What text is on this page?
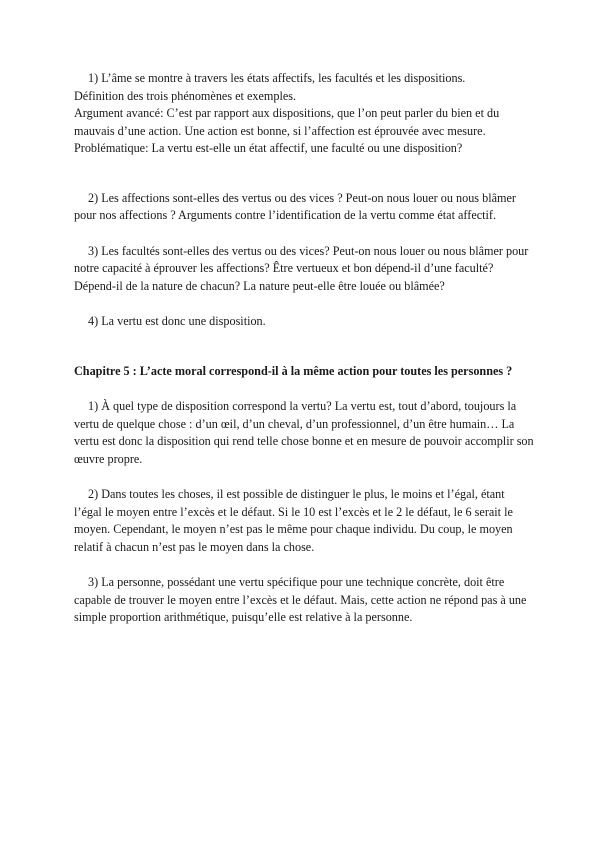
1) L’âme se montre à travers les états affectifs, les facultés et les dispositions.

Définition des trois phénomènes et exemples.

Argument avancé: C’est par rapport aux dispositions, que l’on peut parler du bien et du mauvais d’une action. Une action est bonne, si l’affection est éprouvée avec mesure.

Problématique: La vertu est-elle un état affectif, une faculté ou une disposition?

2) Les affections sont-elles des vertus ou des vices ? Peut-on nous louer ou nous blâmer pour nos affections ? Arguments contre l’identification de la vertu comme état affectif.

3) Les facultés sont-elles des vertus ou des vices? Peut-on nous louer ou nous blâmer pour notre capacité à éprouver les affections? Être vertueux et bon dépend-il d’une faculté? Dépend-il de la nature de chacun? La nature peut-elle être louée ou blâmée?

4) La vertu est donc une disposition.

Chapitre 5 : L’acte moral correspond-il à la même action pour toutes les personnes ?

1) À quel type de disposition correspond la vertu? La vertu est, tout d’abord, toujours la vertu de quelque chose : d’un œil, d’un cheval, d’un professionnel, d’un être humain… La vertu est donc la disposition qui rend telle chose bonne et en mesure de pouvoir accomplir son œuvre propre.

2) Dans toutes les choses, il est possible de distinguer le plus, le moins et l’égal, étant l’égal le moyen entre l’excès et le défaut. Si le 10 est l’excès et le 2 le défaut, le 6 serait le moyen. Cependant, le moyen n’est pas le même pour chaque individu. Du coup, le moyen relatif à chacun n’est pas le moyen dans la chose.

3) La personne, possédant une vertu spécifique pour une technique concrète, doit être capable de trouver le moyen entre l’excès et le défaut. Mais, cette action ne répond pas à une simple proportion arithmétique, puisqu’elle est relative à la personne.
